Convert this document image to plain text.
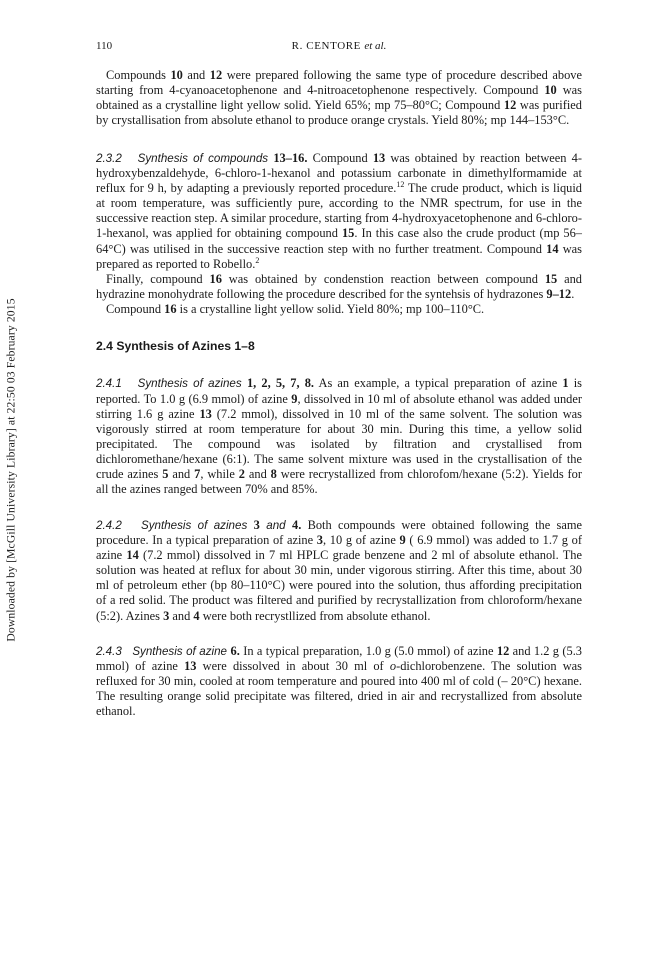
Downloaded by [McGill University Library] at 22:50 03 February 2015
110	R. CENTORE et al.

Compounds 10 and 12 were prepared following the same type of procedure described above starting from 4-cyanoacetophenone and 4-nitroacetophenone respectively. Compound 10 was obtained as a crystalline light yellow solid. Yield 65%; mp 75–80°C; Compound 12 was purified by crystallisation from absolute ethanol to produce orange crystals. Yield 80%; mp 144–153°C.

2.3.2 Synthesis of compounds 13–16. Compound 13 was obtained by reaction between 4-hydroxybenzaldehyde, 6-chloro-1-hexanol and potassium carbonate in dimethylformamide at reflux for 9 h, by adapting a previously reported procedure.$^{12}$ The crude product, which is liquid at room temperature, was sufficiently pure, according to the NMR spectrum, for use in the successive reaction step. A similar procedure, starting from 4-hydroxyacetophenone and 6-chloro-1-hexanol, was applied for obtaining compound 15. In this case also the crude product (mp 56–64°C) was utilised in the successive reaction step with no further treatment. Compound 14 was prepared as reported to Robello.$^2$

Finally, compound 16 was obtained by condenstion reaction between compound 15 and hydrazine monohydrate following the procedure described for the syntehsis of hydrazones 9–12.

Compound 16 is a crystalline light yellow solid. Yield 80%; mp 100–110°C.

2.4 Synthesis of Azines 1–8

2.4.1 Synthesis of azines 1, 2, 5, 7, 8. As an example, a typical preparation of azine 1 is reported. To 1.0 g (6.9 mmol) of azine 9, dissolved in 10 ml of absolute ethanol was added under stirring 1.6 g azine 13 (7.2 mmol), dissolved in 10 ml of the same solvent. The solution was vigorously stirred at room temperature for about 30 min. During this time, a yellow solid precipitated. The compound was isolated by filtration and crystallised from dichloromethane/hexane (6:1). The same solvent mixture was used in the crystallisation of the crude azines 5 and 7, while 2 and 8 were recrystallized from chlorofom/hexane (5:2). Yields for all the azines ranged between 70% and 85%.

2.4.2 Synthesis of azines 3 and 4. Both compounds were obtained following the same procedure. In a typical preparation of azine 3, 10 g of azine 9 ( 6.9 mmol) was added to 1.7 g of azine 14 (7.2 mmol) dissolved in 7 ml HPLC grade benzene and 2 ml of absolute ethanol. The solution was heated at reflux for about 30 min, under vigorous stirring. After this time, about 30 ml of petroleum ether (bp 80–110°C) were poured into the solution, thus affording precipitation of a red solid. The product was filtered and purified by recrystallization from chloroform/hexane (5:2). Azines 3 and 4 were both recrystllized from absolute ethanol.

2.4.3 Synthesis of azine 6. In a typical preparation, 1.0 g (5.0 mmol) of azine 12 and 1.2 g (5.3 mmol) of azine 13 were dissolved in about 30 ml of o-dichlorobenzene. The solution was refluxed for 30 min, cooled at room temperature and poured into 400 ml of cold (– 20°C) hexane. The resulting orange solid precipitate was filtered, dried in air and recrystallized from absolute ethanol.
